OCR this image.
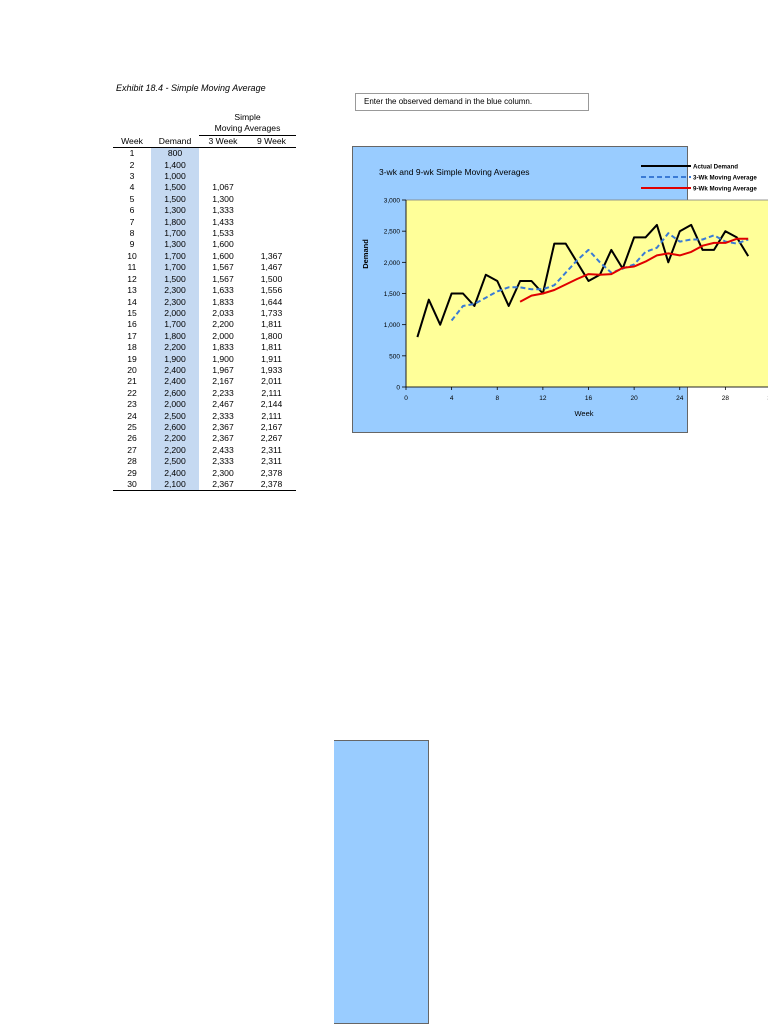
Exhibit 18.4 - Simple Moving Average
Enter the observed demand in the blue column.
		Simple	
		Moving Averages	
Week	Demand	3 Week	9 Week
1	800		
2	1,400		
3	1,000		
4	1,500	1,067	
5	1,500	1,300	
6	1,300	1,333	
7	1,800	1,433	
8	1,700	1,533	
9	1,300	1,600	
10	1,700	1,600	1,367
11	1,700	1,567	1,467
12	1,500	1,567	1,500
13	2,300	1,633	1,556
14	2,300	1,833	1,644
15	2,000	2,033	1,733
16	1,700	2,200	1,811
17	1,800	2,000	1,800
18	2,200	1,833	1,811
19	1,900	1,900	1,911
20	2,400	1,967	1,933
21	2,400	2,167	2,011
22	2,600	2,233	2,111
23	2,000	2,467	2,144
24	2,500	2,333	2,111
25	2,600	2,367	2,167
26	2,200	2,367	2,267
27	2,200	2,433	2,311
28	2,500	2,333	2,311
29	2,400	2,300	2,378
30	2,100	2,367	2,378
3-wk and 9-wk Simple Moving Averages
0
500
1,000
1,500
2,000
2,500
3,000
0	4	8	12	16	20	24	28
Week
Demand
Actual Demand
3-Wk Moving Average
9-Wk Moving Average
